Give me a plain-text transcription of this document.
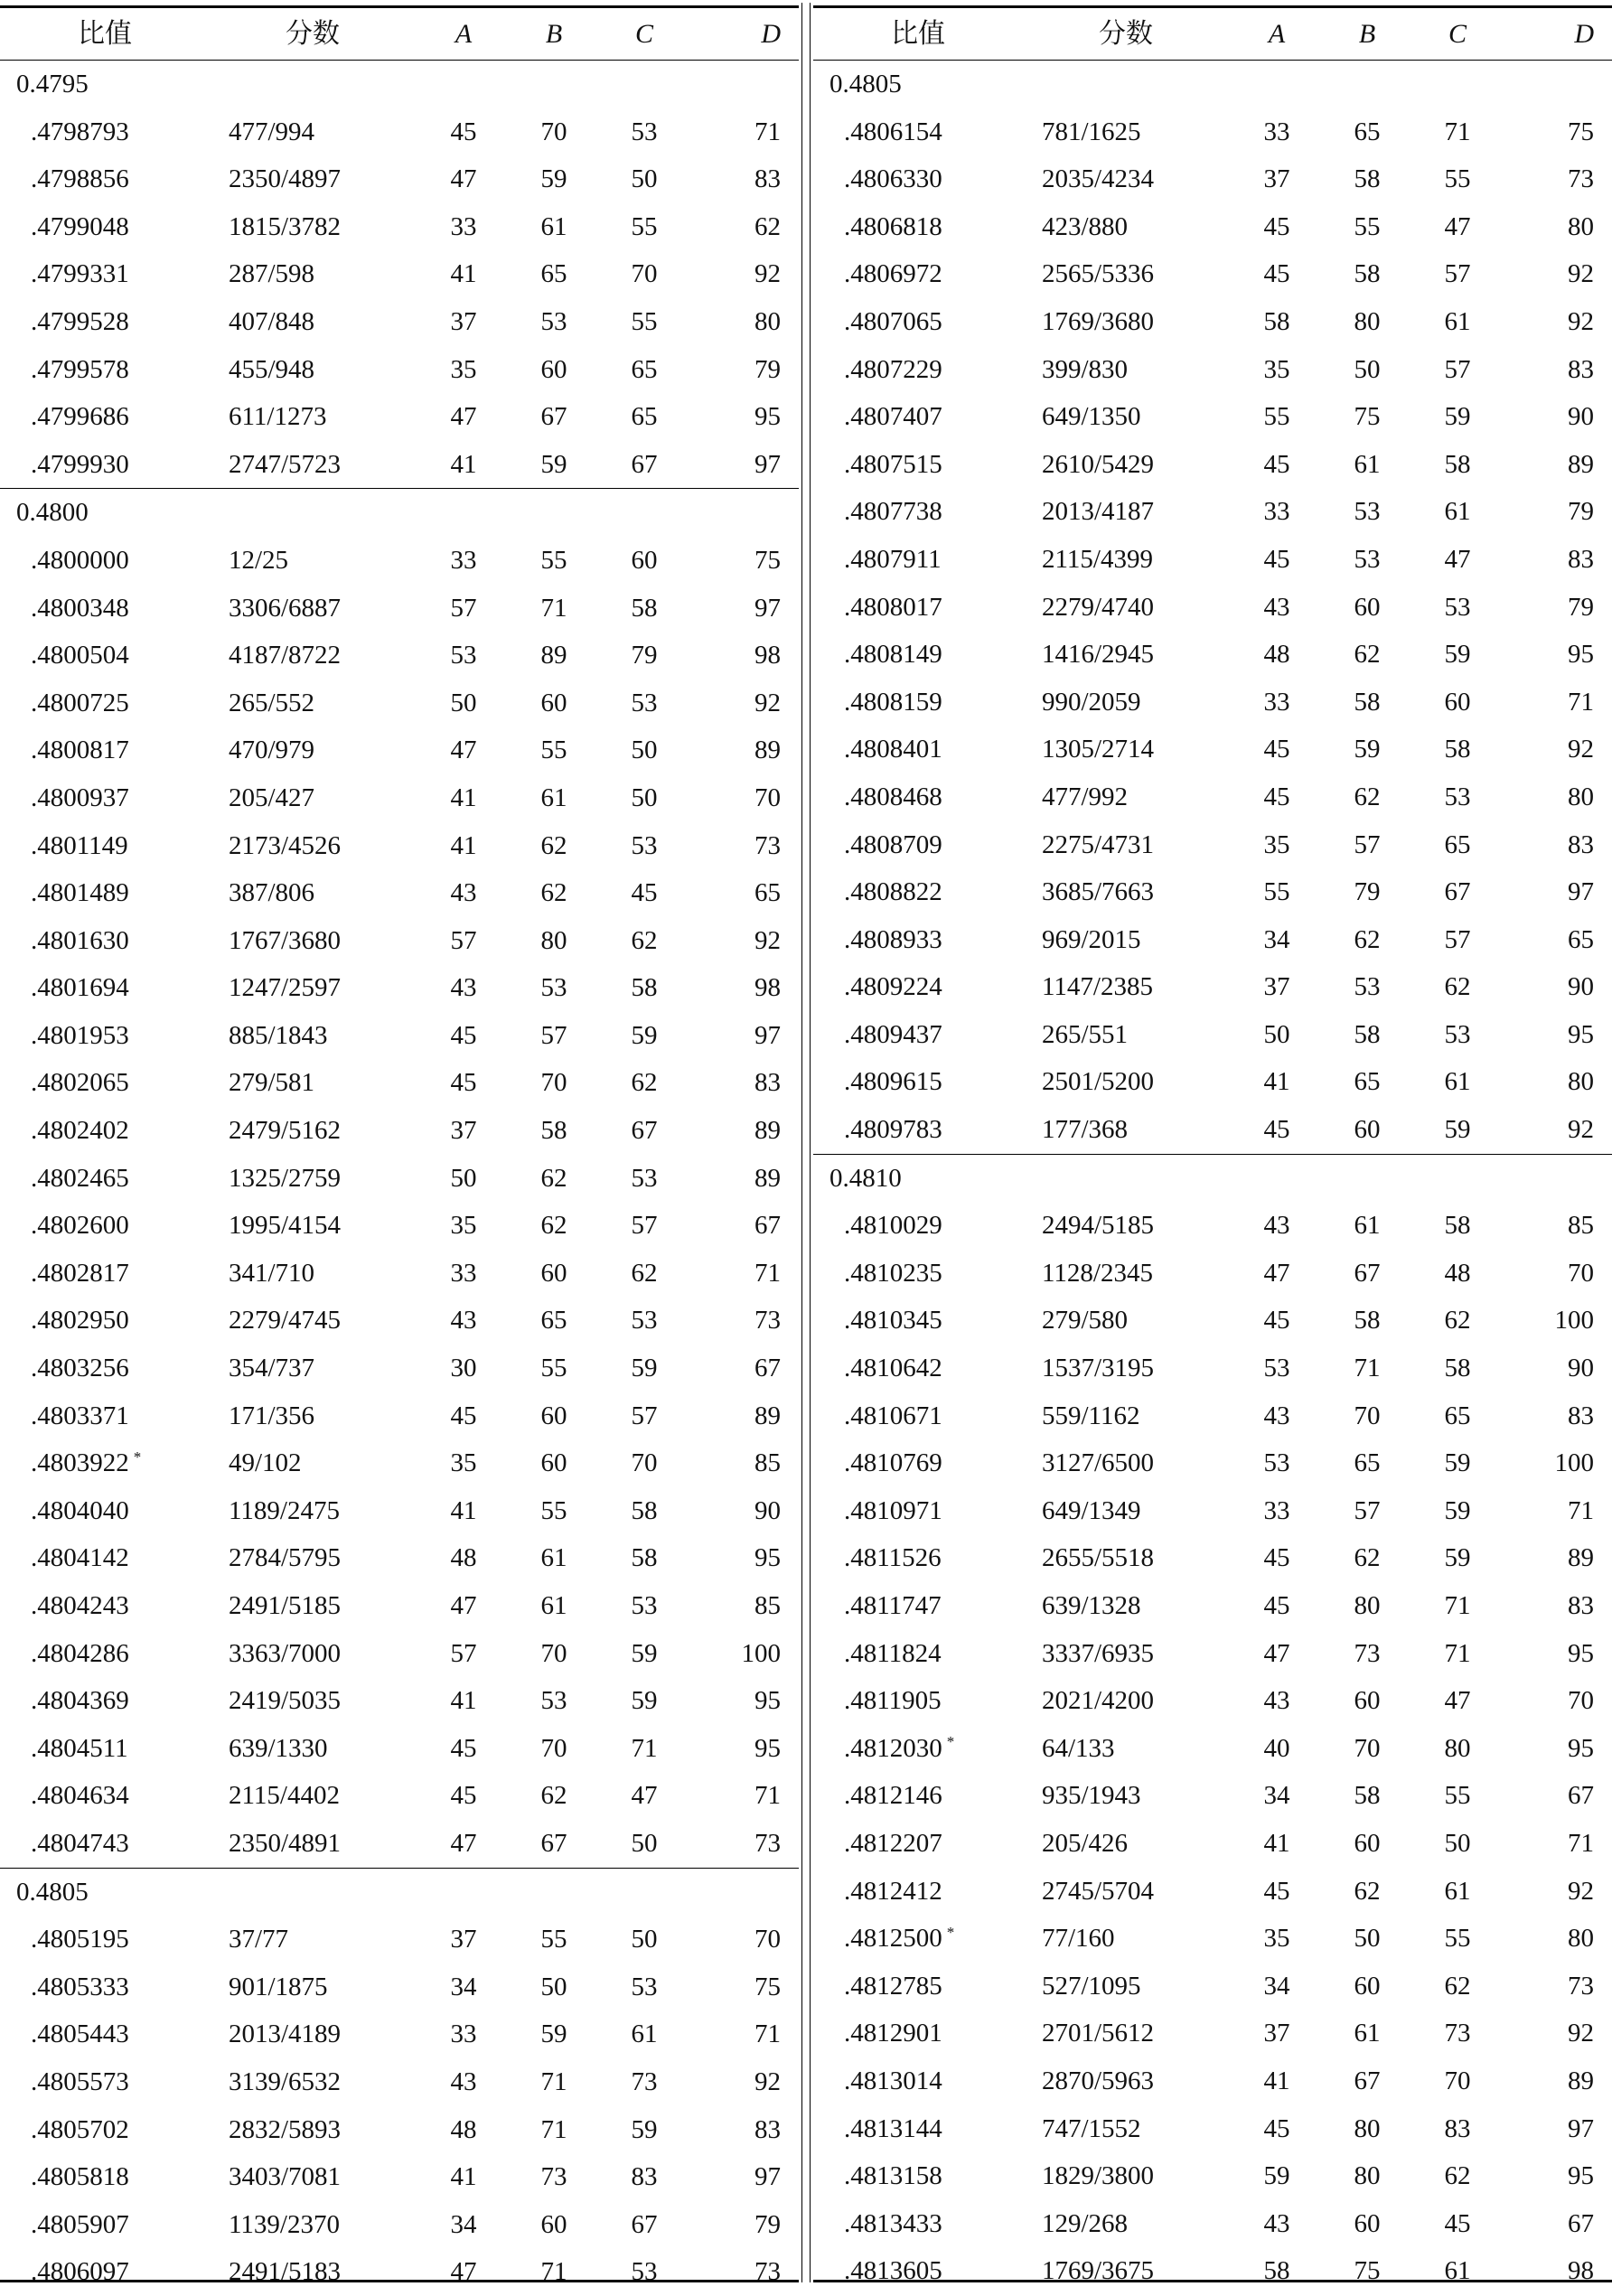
比值	分数	A	B	C	D
0.4795
.4798793	477/994	45	70	53	71
.4798856	2350/4897	47	59	50	83
.4799048	1815/3782	33	61	55	62
.4799331	287/598	41	65	70	92
.4799528	407/848	37	53	55	80
.4799578	455/948	35	60	65	79
.4799686	611/1273	47	67	65	95
.4799930	2747/5723	41	59	67	97
0.4800
.4800000	12/25	33	55	60	75
.4800348	3306/6887	57	71	58	97
.4800504	4187/8722	53	89	79	98
.4800725	265/552	50	60	53	92
.4800817	470/979	47	55	50	89
.4800937	205/427	41	61	50	70
.4801149	2173/4526	41	62	53	73
.4801489	387/806	43	62	45	65
.4801630	1767/3680	57	80	62	92
.4801694	1247/2597	43	53	58	98
.4801953	885/1843	45	57	59	97
.4802065	279/581	45	70	62	83
.4802402	2479/5162	37	58	67	89
.4802465	1325/2759	50	62	53	89
.4802600	1995/4154	35	62	57	67
.4802817	341/710	33	60	62	71
.4802950	2279/4745	43	65	53	73
.4803256	354/737	30	55	59	67
.4803371	171/356	45	60	57	89
.4803922 *	49/102	35	60	70	85
.4804040	1189/2475	41	55	58	90
.4804142	2784/5795	48	61	58	95
.4804243	2491/5185	47	61	53	85
.4804286	3363/7000	57	70	59	100
.4804369	2419/5035	41	53	59	95
.4804511	639/1330	45	70	71	95
.4804634	2115/4402	45	62	47	71
.4804743	2350/4891	47	67	50	73
0.4805
.4805195	37/77	37	55	50	70
.4805333	901/1875	34	50	53	75
.4805443	2013/4189	33	59	61	71
.4805573	3139/6532	43	71	73	92
.4805702	2832/5893	48	71	59	83
.4805818	3403/7081	41	73	83	97
.4805907	1139/2370	34	60	67	79
.4806097	2491/5183	47	71	53	73
比值	分数	A	B	C	D
0.4805
.4806154	781/1625	33	65	71	75
.4806330	2035/4234	37	58	55	73
.4806818	423/880	45	55	47	80
.4806972	2565/5336	45	58	57	92
.4807065	1769/3680	58	80	61	92
.4807229	399/830	35	50	57	83
.4807407	649/1350	55	75	59	90
.4807515	2610/5429	45	61	58	89
.4807738	2013/4187	33	53	61	79
.4807911	2115/4399	45	53	47	83
.4808017	2279/4740	43	60	53	79
.4808149	1416/2945	48	62	59	95
.4808159	990/2059	33	58	60	71
.4808401	1305/2714	45	59	58	92
.4808468	477/992	45	62	53	80
.4808709	2275/4731	35	57	65	83
.4808822	3685/7663	55	79	67	97
.4808933	969/2015	34	62	57	65
.4809224	1147/2385	37	53	62	90
.4809437	265/551	50	58	53	95
.4809615	2501/5200	41	65	61	80
.4809783	177/368	45	60	59	92
0.4810
.4810029	2494/5185	43	61	58	85
.4810235	1128/2345	47	67	48	70
.4810345	279/580	45	58	62	100
.4810642	1537/3195	53	71	58	90
.4810671	559/1162	43	70	65	83
.4810769	3127/6500	53	65	59	100
.4810971	649/1349	33	57	59	71
.4811526	2655/5518	45	62	59	89
.4811747	639/1328	45	80	71	83
.4811824	3337/6935	47	73	71	95
.4811905	2021/4200	43	60	47	70
.4812030 *	64/133	40	70	80	95
.4812146	935/1943	34	58	55	67
.4812207	205/426	41	60	50	71
.4812412	2745/5704	45	62	61	92
.4812500 *	77/160	35	50	55	80
.4812785	527/1095	34	60	62	73
.4812901	2701/5612	37	61	73	92
.4813014	2870/5963	41	67	70	89
.4813144	747/1552	45	80	83	97
.4813158	1829/3800	59	80	62	95
.4813433	129/268	43	60	45	67
.4813605	1769/3675	58	75	61	98
